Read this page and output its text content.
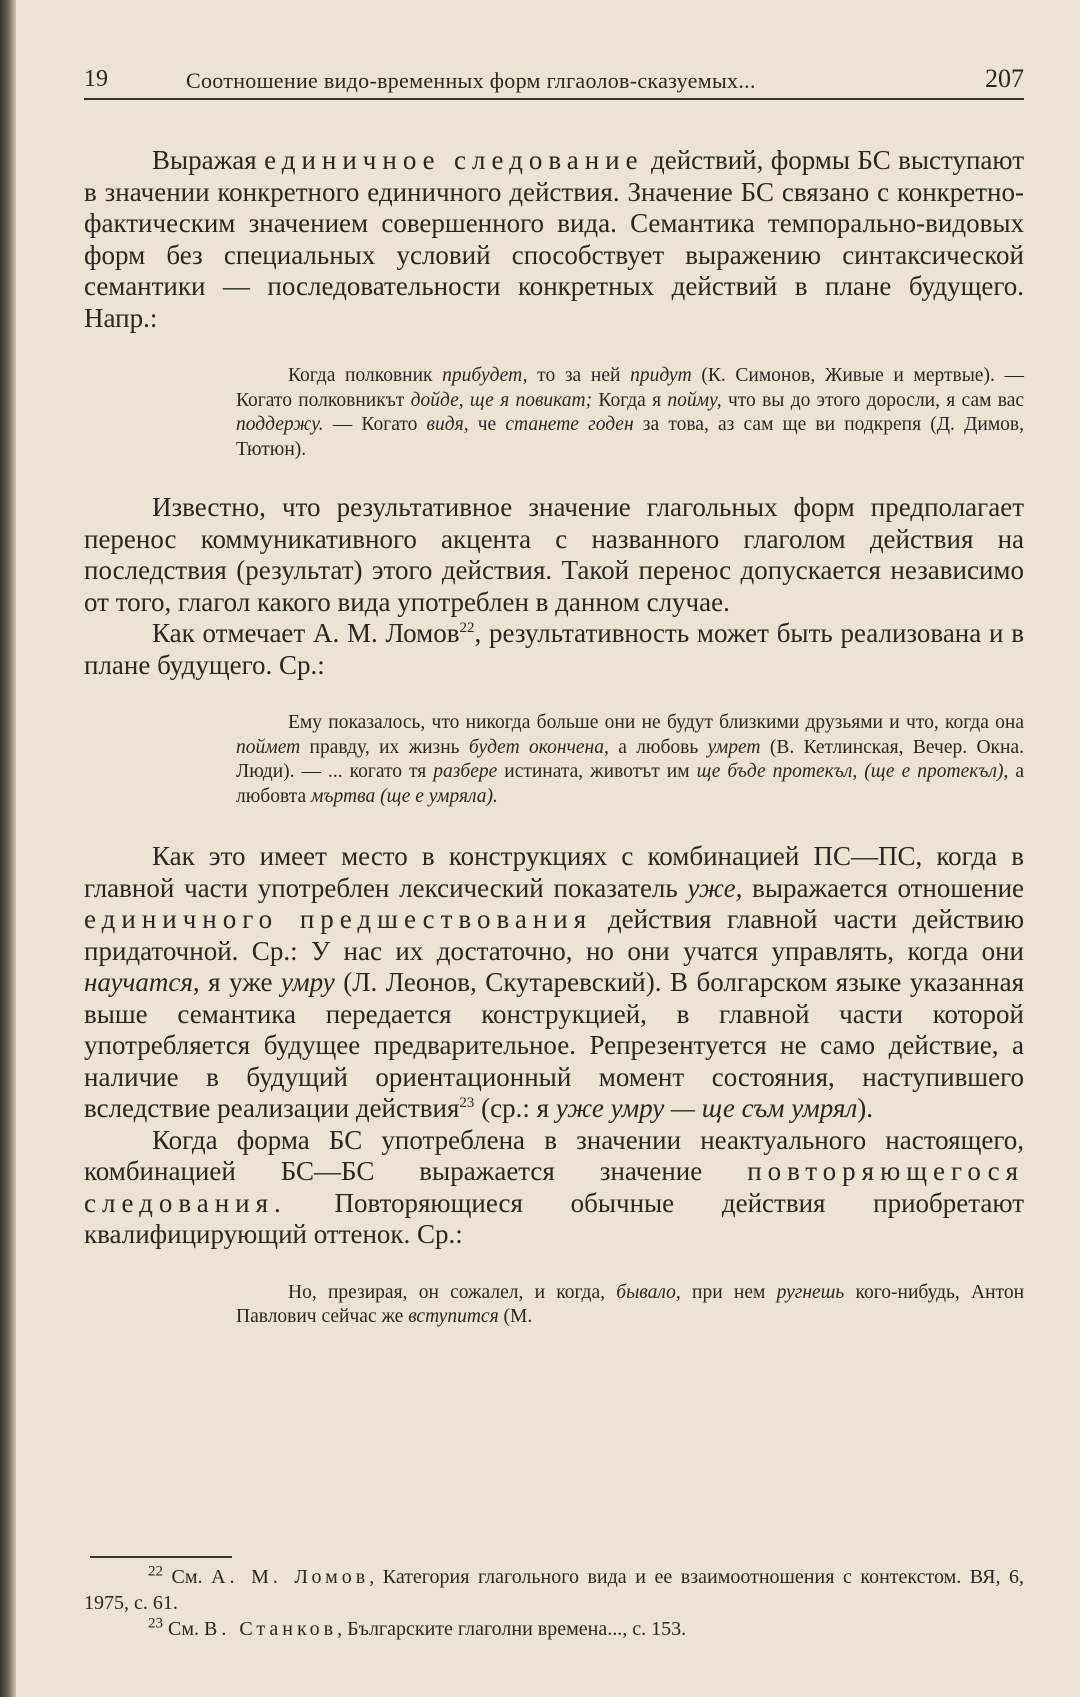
19	Соотношение видо-временных форм глгаолов-сказуемых...	207

Выражая единичное следование действий, формы БС выступают в значении конкретного единичного действия. Значение БС связано с конкретно-фактическим значением совершенного вида. Семантика темпорально-видовых форм без специальных условий способствует выражению синтаксической семантики — последовательности конкретных действий в плане будущего. Напр.:

Когда полковник прибудет, то за ней придут (К. Симонов, Живые и мертвые). — Когато полковникът дойде, ще я повикат; Когда я пойму, что вы до этого доросли, я сам вас поддержу. — Когато видя, че станете годен за това, аз сам ще ви подкрепя (Д. Димов, Тютюн).

Известно, что результативное значение глагольных форм предполагает перенос коммуникативного акцента с названного глаголом действия на последствия (результат) этого действия. Такой перенос допускается независимо от того, глагол какого вида употреблен в данном случае.

Как отмечает А. М. Ломов$^{22}$, результативность может быть реализована и в плане будущего. Ср.:

Ему показалось, что никогда больше они не будут близкими друзьями и что, когда она поймет правду, их жизнь будет окончена, а любовь умрет (В. Кетлинская, Вечер. Окна. Люди). — ... когато тя разбере истината, животът им ще бъде протекъл, (ще е протекъл), а любовта мъртва (ще е умряла).

Как это имеет место в конструкциях с комбинацией ПС—ПС, когда в главной части употреблен лексический показатель уже, выражается отношение единичного предшествования действия главной части действию придаточной. Ср.: У нас их достаточно, но они учатся управлять, когда они научатся, я уже умру (Л. Леонов, Скутаревский). В болгарском языке указанная выше семантика передается конструкцией, в главной части которой употребляется будущее предварительное. Репрезентуется не само действие, а наличие в будущий ориентационный момент состояния, наступившего вследствие реализации действия$^{23}$ (ср.: я уже умру — ще съм умрял).

Когда форма БС употреблена в значении неактуального настоящего, комбинацией БС—БС выражается значение повторяющегося следования. Повторяющиеся обычные действия приобретают квалифицирующий оттенок. Ср.:

Но, презирая, он сожалел, и когда, бывало, при нем ругнешь кого-нибудь, Антон Павлович сейчас же вступится (М.

$^{22}$ См. А. М. Ломов, Категория глагольного вида и ее взаимоотношения с контекстом. ВЯ, 6, 1975, с. 61.

$^{23}$ См. В. Станков, Българските глаголни времена..., с. 153.
